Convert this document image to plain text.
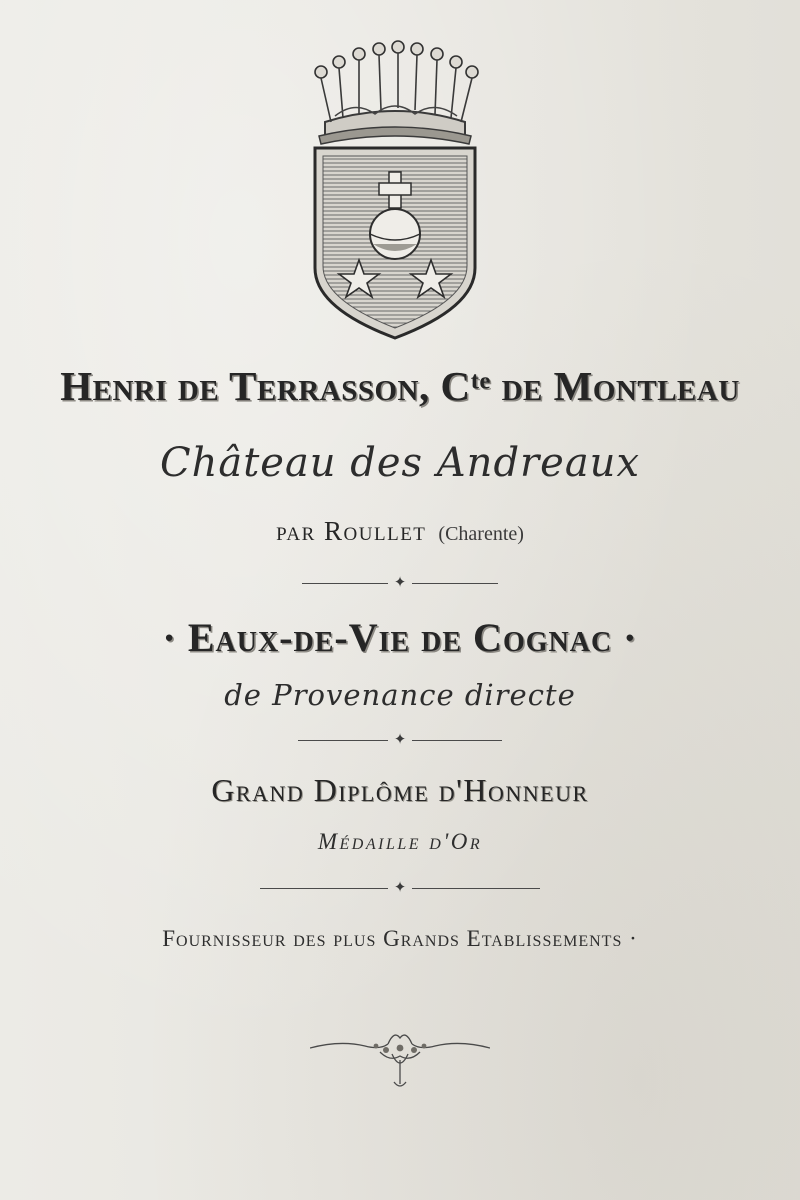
Henri de Terrasson, Cᵗᵉ de Montleau
Château des Andreaux
par Roullet (Charente)
✦
· Eaux-de-Vie de Cognac ·
de Provenance directe
✦
Grand Diplôme d'Honneur
Médaille d'Or
✦
Fournisseur des plus Grands Etablissements ·
